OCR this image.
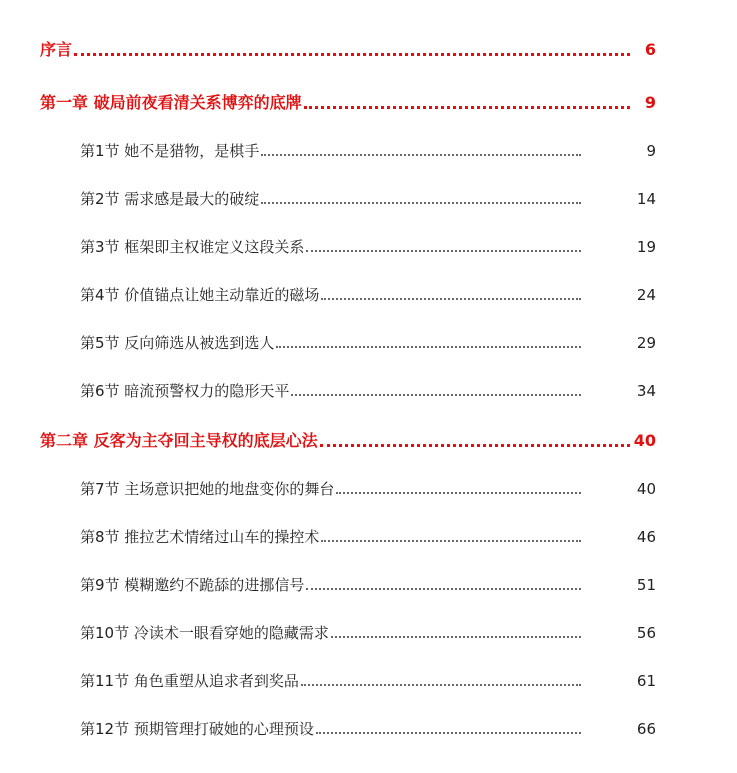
序言	6
第一章 破局前夜看清关系博弈的底牌	9
第1节 她不是猎物，是棋手	9
第2节 需求感是最大的破绽	14
第3节 框架即主权谁定义这段关系	19
第4节 价值锚点让她主动靠近的磁场	24
第5节 反向筛选从被选到选人	29
第6节 暗流预警权力的隐形天平	34
第二章 反客为主夺回主导权的底层心法	40
第7节 主场意识把她的地盘变你的舞台	40
第8节 推拉艺术情绪过山车的操控术	46
第9节 模糊邀约不跪舔的进挪信号	51
第10节 冷读术一眼看穿她的隐藏需求	56
第11节 角色重塑从追求者到奖品	61
第12节 预期管理打破她的心理预设	66
